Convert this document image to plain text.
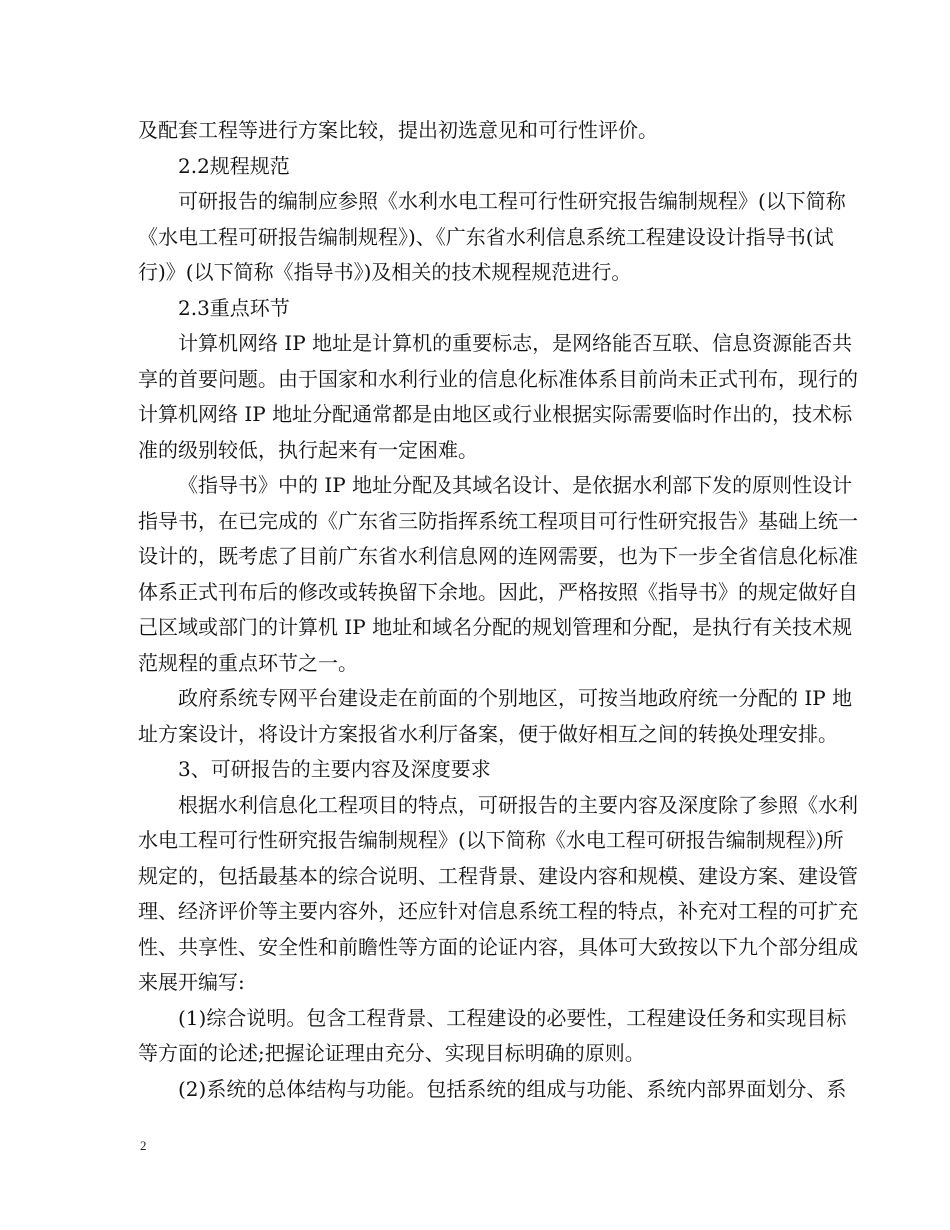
及配套工程等进行方案比较，提出初选意见和可行性评价。
2.2规程规范
可研报告的编制应参照《水利水电工程可行性研究报告编制规程》(以下简称
《水电工程可研报告编制规程》)、《广东省水利信息系统工程建设设计指导书(试
行)》(以下简称《指导书》)及相关的技术规程规范进行。
2.3重点环节
计算机网络 IP 地址是计算机的重要标志，是网络能否互联、信息资源能否共
享的首要问题。由于国家和水利行业的信息化标准体系目前尚未正式刊布，现行的
计算机网络 IP 地址分配通常都是由地区或行业根据实际需要临时作出的，技术标
准的级别较低，执行起来有一定困难。
《指导书》中的 IP 地址分配及其域名设计、是依据水利部下发的原则性设计
指导书，在已完成的《广东省三防指挥系统工程项目可行性研究报告》基础上统一
设计的，既考虑了目前广东省水利信息网的连网需要，也为下一步全省信息化标准
体系正式刊布后的修改或转换留下余地。因此，严格按照《指导书》的规定做好自
己区域或部门的计算机 IP 地址和域名分配的规划管理和分配，是执行有关技术规
范规程的重点环节之一。
政府系统专网平台建设走在前面的个别地区，可按当地政府统一分配的 IP 地
址方案设计，将设计方案报省水利厅备案，便于做好相互之间的转换处理安排。
3、可研报告的主要内容及深度要求
根据水利信息化工程项目的特点，可研报告的主要内容及深度除了参照《水利
水电工程可行性研究报告编制规程》(以下简称《水电工程可研报告编制规程》)所
规定的，包括最基本的综合说明、工程背景、建设内容和规模、建设方案、建设管
理、经济评价等主要内容外，还应针对信息系统工程的特点，补充对工程的可扩充
性、共享性、安全性和前瞻性等方面的论证内容，具体可大致按以下九个部分组成
来展开编写:
(1)综合说明。包含工程背景、工程建设的必要性，工程建设任务和实现目标
等方面的论述;把握论证理由充分、实现目标明确的原则。
(2)系统的总体结构与功能。包括系统的组成与功能、系统内部界面划分、系
2
